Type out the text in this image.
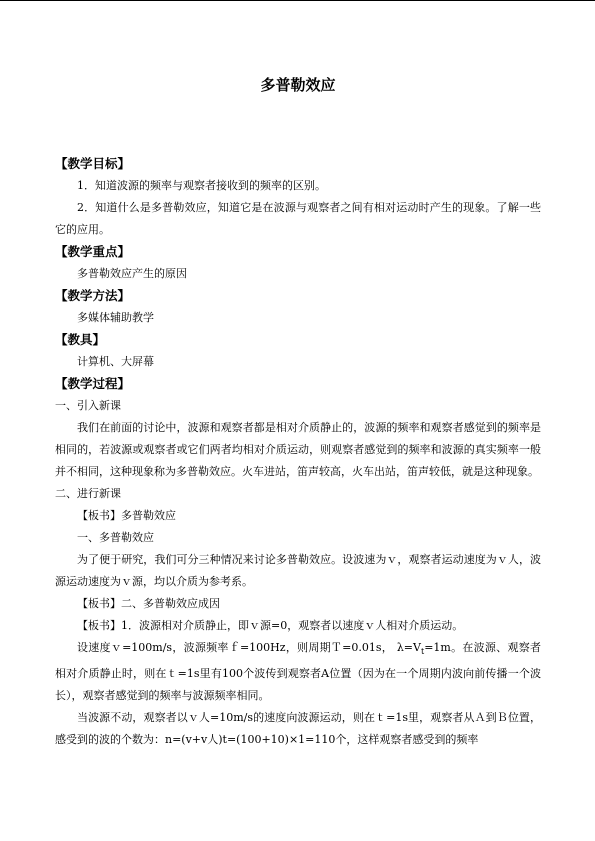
多普勒效应
【教学目标】

1．知道波源的频率与观察者接收到的频率的区别。

2．知道什么是多普勒效应，知道它是在波源与观察者之间有相对运动时产生的现象。了解一些它的应用。

【教学重点】

多普勒效应产生的原因

【教学方法】

多媒体辅助教学

【教具】

计算机、大屏幕

【教学过程】

一、引入新课

我们在前面的讨论中，波源和观察者都是相对介质静止的，波源的频率和观察者感觉到的频率是相同的，若波源或观察者或它们两者均相对介质运动，则观察者感觉到的频率和波源的真实频率一般并不相同，这种现象称为多普勒效应。火车进站，笛声较高，火车出站，笛声较低，就是这种现象。

二、进行新课

【板书】多普勒效应

一、多普勒效应

为了便于研究，我们可分三种情况来讨论多普勒效应。设波速为ｖ，观察者运动速度为ｖ人，波源运动速度为ｖ源，均以介质为参考系。

【板书】二、多普勒效应成因

【板书】1．波源相对介质静止，即ｖ源=0，观察者以速度ｖ人相对介质运动。

设速度ｖ=100m/s，波源频率ｆ=100Hz，则周期Ｔ=0.01s， $\lambda=V_t=1m$。在波源、观察者相对介质静止时，则在ｔ=1s里有100个波传到观察者A位置（因为在一个周期内波向前传播一个波长），观察者感觉到的频率与波源频率相同。

当波源不动，观察者以ｖ人=10m/s的速度向波源运动，则在ｔ=1s里，观察者从Ａ到Ｂ位置，感受到的波的个数为：n=(v+v人)t=(100+10)×1=110个，这样观察者感受到的频率
